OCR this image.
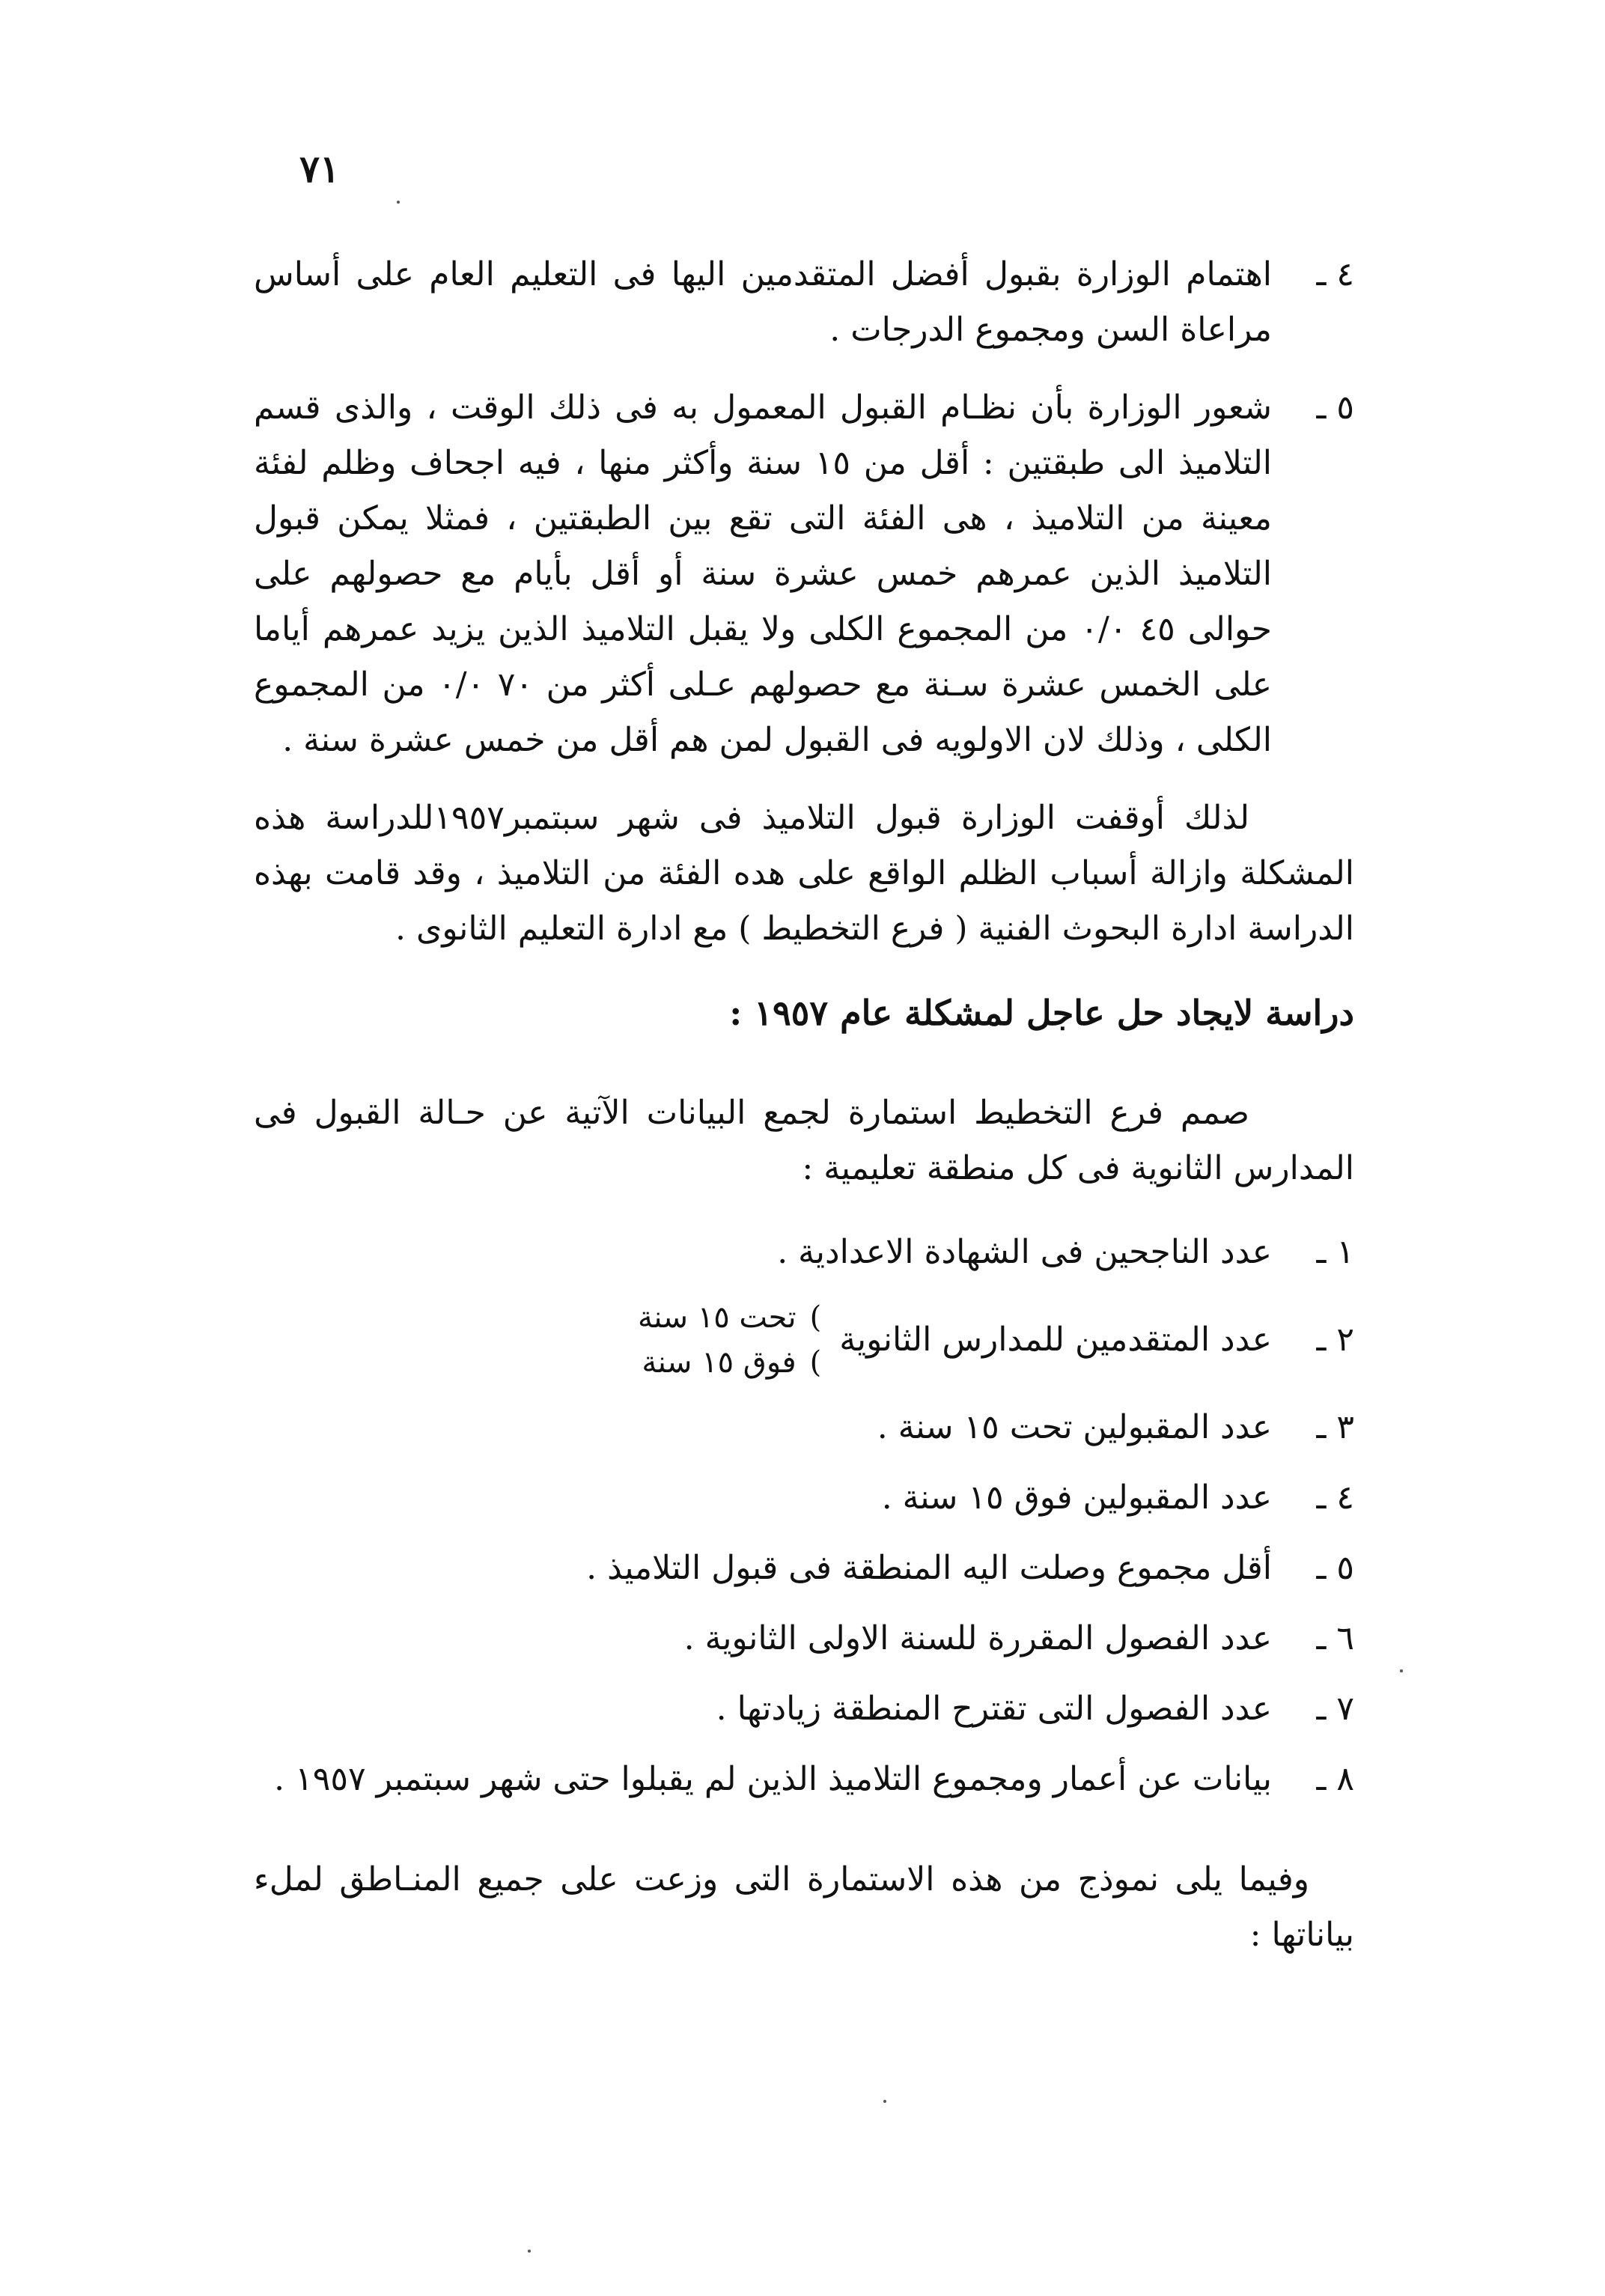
٧١
٤ ـ
اهتمام الوزارة بقبول أفضل المتقدمين اليها فى التعليم العام على أساس مراعاة السن ومجموع الدرجات .
٥ ـ
شعور الوزارة بأن نظـام القبول المعمول به فى ذلك الوقت ، والذى قسم التلاميذ الى طبقتين : أقل من ١٥ سنة وأكثر منها ، فيه اجحاف وظلم لفئة معينة من التلاميذ ، هى الفئة التى تقع بين الطبقتين ، فمثلا يمكن قبول التلاميذ الذين عمرهم خمس عشرة سنة أو أقل بأيام مع حصولهم على حوالى ٤٥ ٠/٠ من المجموع الكلى ولا يقبل التلاميذ الذين يزيد عمرهم أياما على الخمس عشرة سـنة مع حصولهم عـلى أكثر من ٧٠ ٠/٠ من المجموع الكلى ، وذلك لان الاولويه فى القبول لمن هم أقل من خمس عشرة سنة .

لذلك أوقفت الوزارة قبول التلاميذ فى شهر سبتمبر١٩٥٧للدراسة هذه المشكلة وازالة أسباب الظلم الواقع على هده الفئة من التلاميذ ، وقد قامت بهذه الدراسة ادارة البحوث الفنية ( فرع التخطيط ) مع ادارة التعليم الثانوى .

دراسة لايجاد حل عاجل لمشكلة عام ١٩٥٧ :

صمم فرع التخطيط استمارة لجمع البيانات الآتية عن حـالة القبول فى المدارس الثانوية فى كل منطقة تعليمية :

١ ـ
عدد الناجحين فى الشهادة الاعدادية .
٢ ـ
عدد المتقدمين للمدارس الثانوية
)
)
تحت ١٥ سنة
فوق ١٥ سنة
٣ ـ
عدد المقبولين تحت ١٥ سنة .
٤ ـ
عدد المقبولين فوق ١٥ سنة .
٥ ـ
أقل مجموع وصلت اليه المنطقة فى قبول التلاميذ .
٦ ـ
عدد الفصول المقررة للسنة الاولى الثانوية .
٧ ـ
عدد الفصول التى تقترح المنطقة زيادتها .
٨ ـ
بيانات عن أعمار ومجموع التلاميذ الذين لم يقبلوا حتى شهر سبتمبر ١٩٥٧ .

وفيما يلى نموذج من هذه الاستمارة التى وزعت على جميع المنـاطق لملء بياناتها :
